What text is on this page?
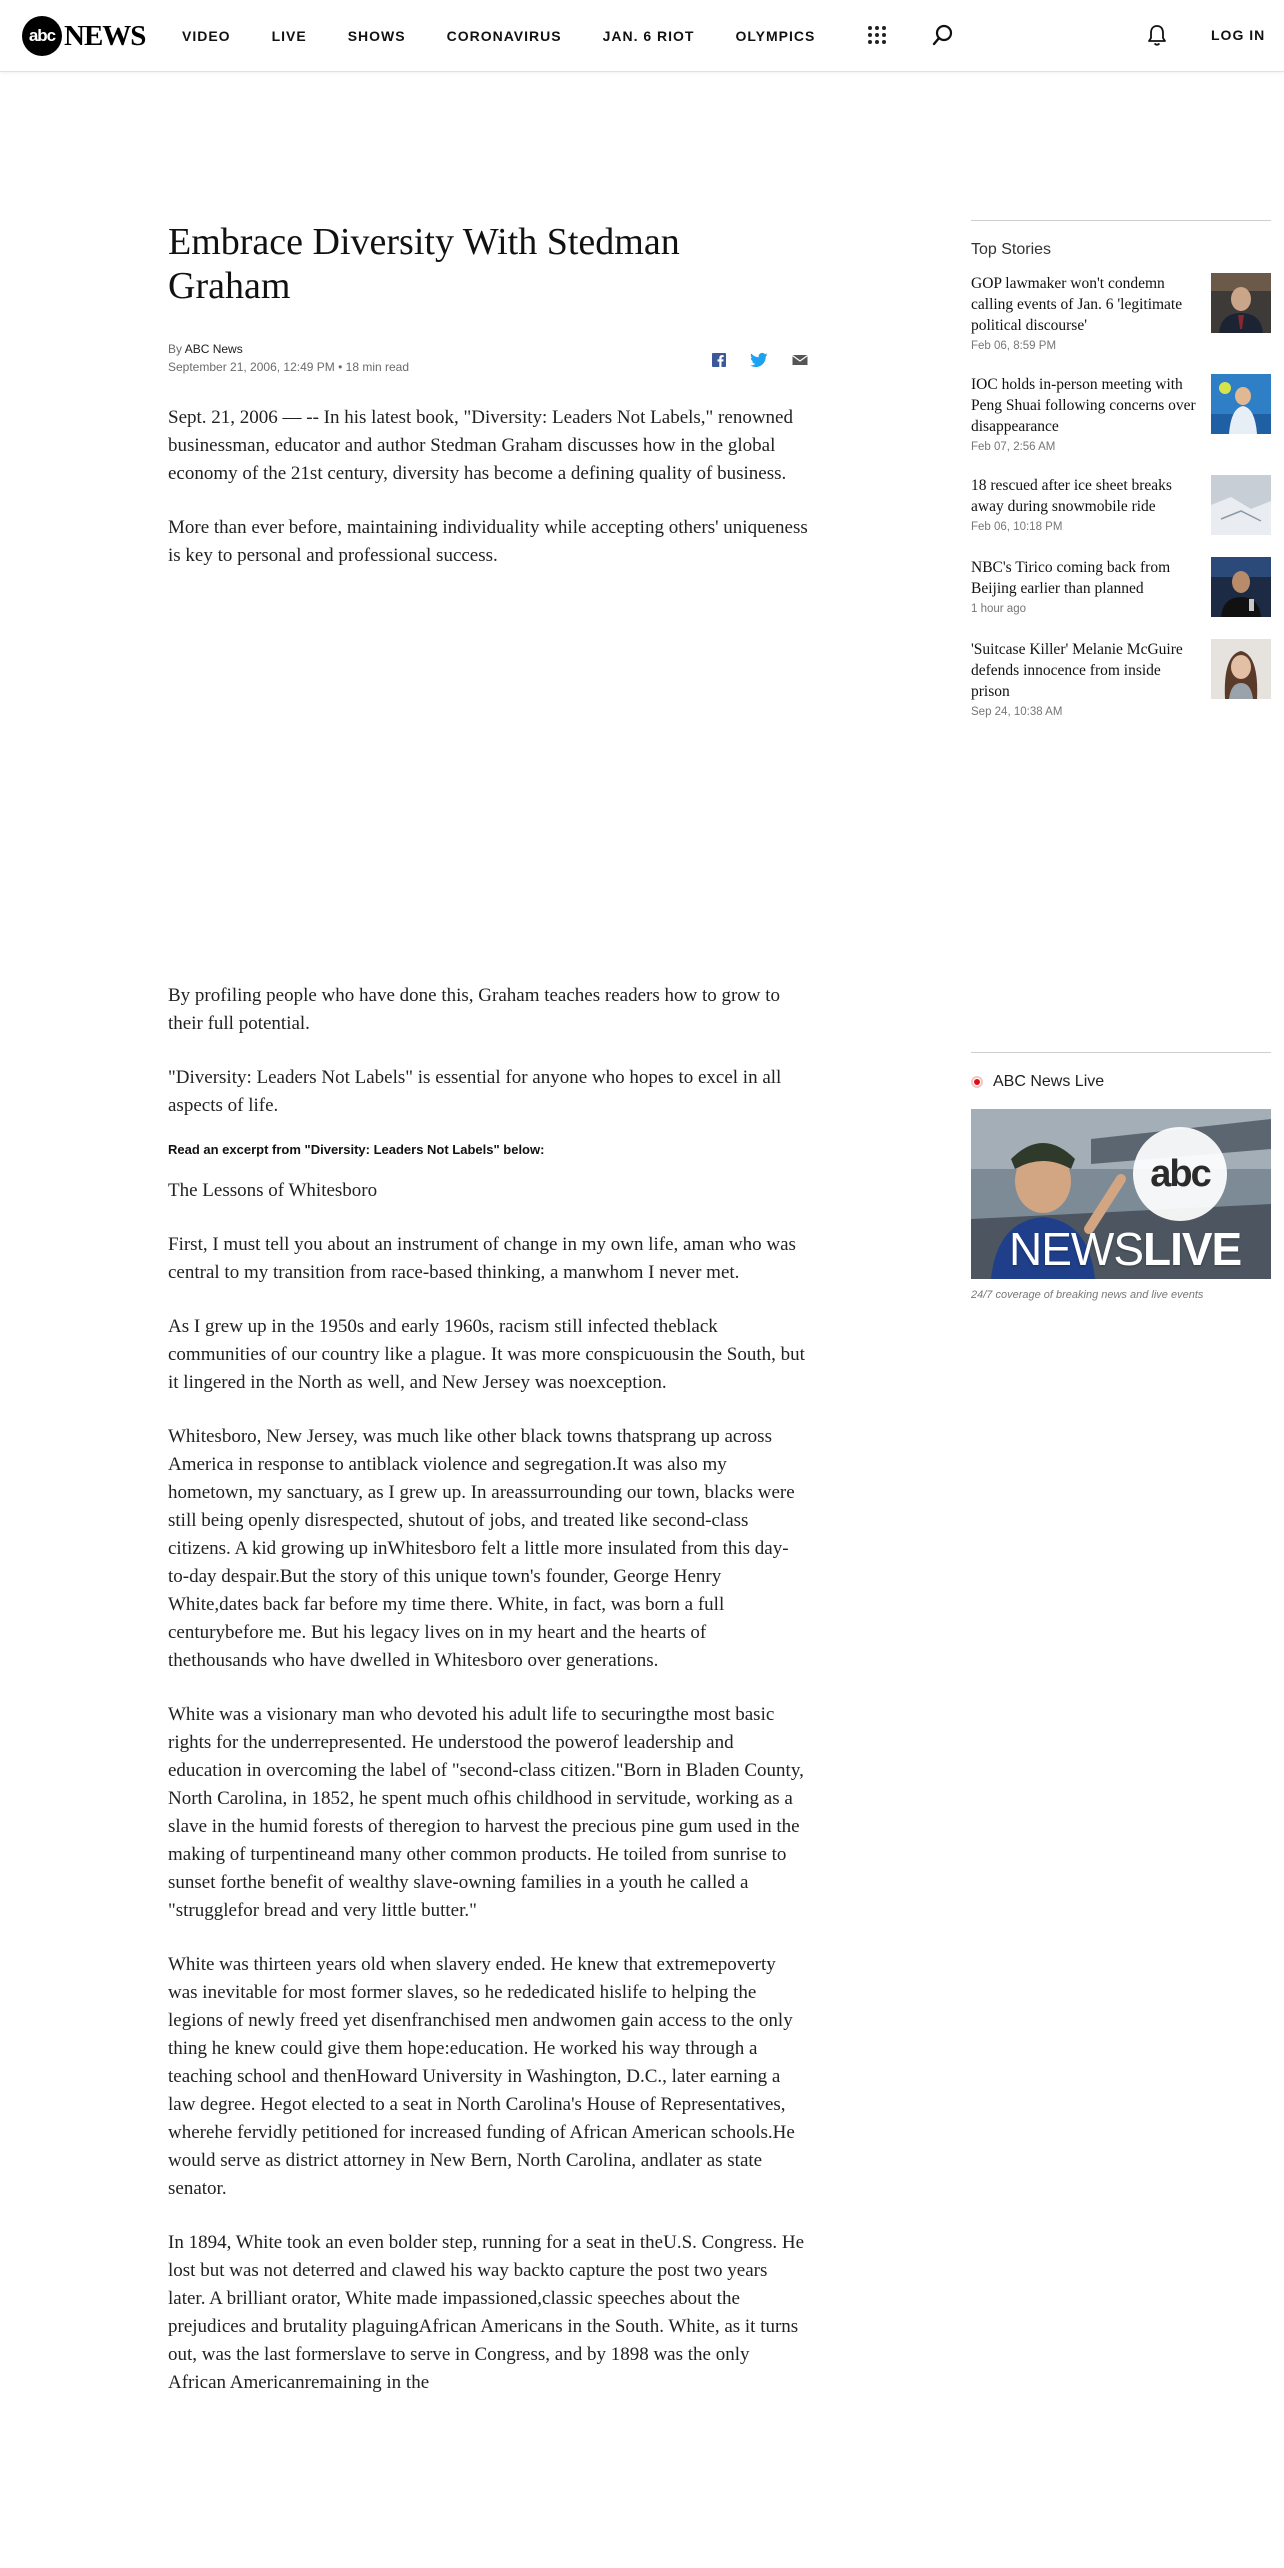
abc NEWS	VIDEO	LIVE	SHOWS	CORONAVIRUS	JAN. 6 RIOT	OLYMPICS	LOG IN
Embrace Diversity With Stedman Graham
By ABC News
September 21, 2006, 12:49 PM • 18 min read

Sept. 21, 2006 — -- In his latest book, "Diversity: Leaders Not Labels," renowned businessman, educator and author Stedman Graham discusses how in the global economy of the 21st century, diversity has become a defining quality of business.

More than ever before, maintaining individuality while accepting others' uniqueness is key to personal and professional success.

By profiling people who have done this, Graham teaches readers how to grow to their full potential.

"Diversity: Leaders Not Labels" is essential for anyone who hopes to excel in all aspects of life.

Read an excerpt from "Diversity: Leaders Not Labels" below:

The Lessons of Whitesboro

First, I must tell you about an instrument of change in my own life, aman who was central to my transition from race-based thinking, a manwhom I never met.

As I grew up in the 1950s and early 1960s, racism still infected theblack communities of our country like a plague. It was more conspicuousin the South, but it lingered in the North as well, and New Jersey was noexception.

Whitesboro, New Jersey, was much like other black towns thatsprang up across America in response to antiblack violence and segregation.It was also my hometown, my sanctuary, as I grew up. In areassurrounding our town, blacks were still being openly disrespected, shutout of jobs, and treated like second-class citizens. A kid growing up inWhitesboro felt a little more insulated from this day-to-day despair.But the story of this unique town's founder, George Henry White,dates back far before my time there. White, in fact, was born a full centurybefore me. But his legacy lives on in my heart and the hearts of thethousands who have dwelled in Whitesboro over generations.

White was a visionary man who devoted his adult life to securingthe most basic rights for the underrepresented. He understood the powerof leadership and education in overcoming the label of "second-class citizen."Born in Bladen County, North Carolina, in 1852, he spent much ofhis childhood in servitude, working as a slave in the humid forests of theregion to harvest the precious pine gum used in the making of turpentineand many other common products. He toiled from sunrise to sunset forthe benefit of wealthy slave-owning families in a youth he called a "strugglefor bread and very little butter."

White was thirteen years old when slavery ended. He knew that extremepoverty was inevitable for most former slaves, so he rededicated hislife to helping the legions of newly freed yet disenfranchised men andwomen gain access to the only thing he knew could give them hope:education. He worked his way through a teaching school and thenHoward University in Washington, D.C., later earning a law degree. Hegot elected to a seat in North Carolina's House of Representatives, wherehe fervidly petitioned for increased funding of African American schools.He would serve as district attorney in New Bern, North Carolina, andlater as state senator.

In 1894, White took an even bolder step, running for a seat in theU.S. Congress. He lost but was not deterred and clawed his way backto capture the post two years later. A brilliant orator, White made impassioned,classic speeches about the prejudices and brutality plaguingAfrican Americans in the South. White, as it turns out, was the last formerslave to serve in Congress, and by 1898 was the only African Americanremaining in the

Top Stories
GOP lawmaker won't condemn calling events of Jan. 6 'legitimate political discourse'
Feb 06, 8:59 PM
IOC holds in-person meeting with Peng Shuai following concerns over disappearance
Feb 07, 2:56 AM
18 rescued after ice sheet breaks away during snowmobile ride
Feb 06, 10:18 PM
NBC's Tirico coming back from Beijing earlier than planned
1 hour ago
'Suitcase Killer' Melanie McGuire defends innocence from inside prison
Sep 24, 10:38 AM
ABC News Live
abc
NEWSLIVE
24/7 coverage of breaking news and live events
